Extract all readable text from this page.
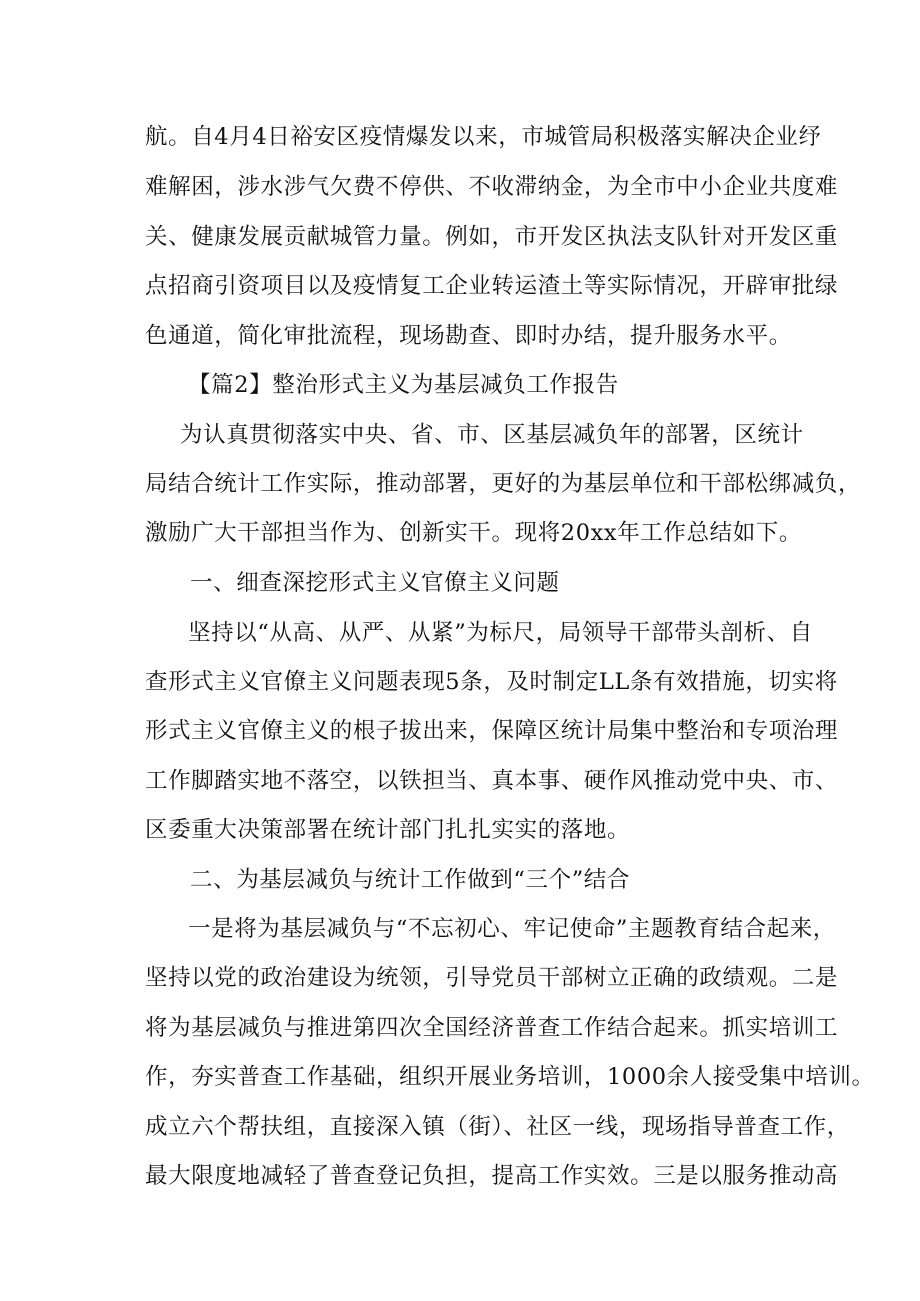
航。自4月4日裕安区疫情爆发以来，市城管局积极落实解决企业纾
难解困，涉水涉气欠费不停供、不收滞纳金，为全市中小企业共度难
关、健康发展贡献城管力量。例如，市开发区执法支队针对开发区重
点招商引资项目以及疫情复工企业转运渣土等实际情况，开辟审批绿
色通道，简化审批流程，现场勘查、即时办结，提升服务水平。
【篇2】整治形式主义为基层减负工作报告
为认真贯彻落实中央、省、市、区基层减负年的部署，区统计
局结合统计工作实际，推动部署，更好的为基层单位和干部松绑减负，
激励广大干部担当作为、创新实干。现将20xx年工作总结如下。
一、细查深挖形式主义官僚主义问题
坚持以“从高、从严、从紧”为标尺，局领导干部带头剖析、自
查形式主义官僚主义问题表现5条，及时制定LL条有效措施，切实将
形式主义官僚主义的根子拔出来，保障区统计局集中整治和专项治理
工作脚踏实地不落空，以铁担当、真本事、硬作风推动党中央、市、
区委重大决策部署在统计部门扎扎实实的落地。
二、为基层减负与统计工作做到“三个”结合
一是将为基层减负与“不忘初心、牢记使命”主题教育结合起来，
坚持以党的政治建设为统领，引导党员干部树立正确的政绩观。二是
将为基层减负与推进第四次全国经济普查工作结合起来。抓实培训工
作，夯实普查工作基础，组织开展业务培训，1000余人接受集中培训。
成立六个帮扶组，直接深入镇（街）、社区一线，现场指导普查工作，
最大限度地减轻了普查登记负担，提高工作实效。三是以服务推动高
